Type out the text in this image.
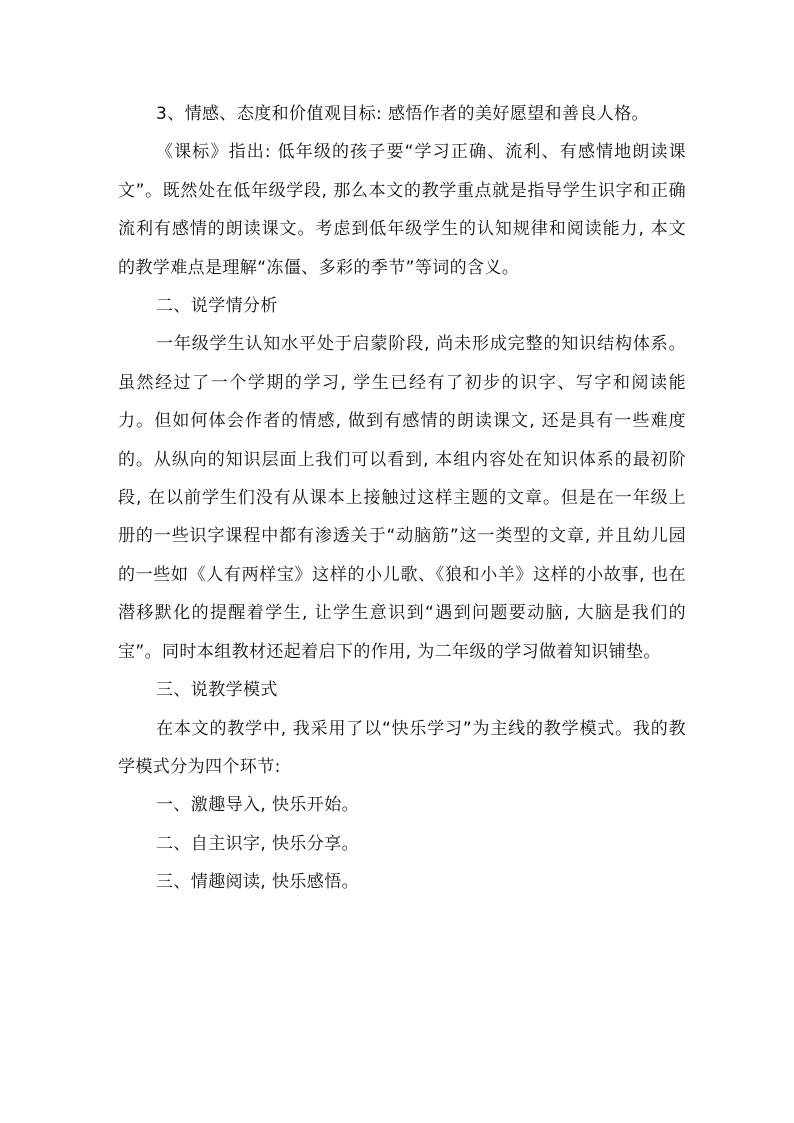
3、情感、态度和价值观目标: 感悟作者的美好愿望和善良人格。

《课标》指出: 低年级的孩子要“学习正确、流利、有感情地朗读课文”。既然处在低年级学段, 那么本文的教学重点就是指导学生识字和正确流利有感情的朗读课文。考虑到低年级学生的认知规律和阅读能力, 本文的教学难点是理解“冻僵、多彩的季节”等词的含义。

二、说学情分析

一年级学生认知水平处于启蒙阶段, 尚未形成完整的知识结构体系。虽然经过了一个学期的学习, 学生已经有了初步的识字、写字和阅读能力。但如何体会作者的情感, 做到有感情的朗读课文, 还是具有一些难度的。从纵向的知识层面上我们可以看到, 本组内容处在知识体系的最初阶段, 在以前学生们没有从课本上接触过这样主题的文章。但是在一年级上册的一些识字课程中都有渗透关于“动脑筋”这一类型的文章, 并且幼儿园的一些如《人有两样宝》这样的小儿歌、《狼和小羊》这样的小故事, 也在潜移默化的提醒着学生, 让学生意识到“遇到问题要动脑, 大脑是我们的宝”。同时本组教材还起着启下的作用, 为二年级的学习做着知识铺垫。

三、说教学模式

在本文的教学中, 我采用了以“快乐学习”为主线的教学模式。我的教学模式分为四个环节:

一、激趣导入, 快乐开始。

二、自主识字, 快乐分享。

三、情趣阅读, 快乐感悟。
